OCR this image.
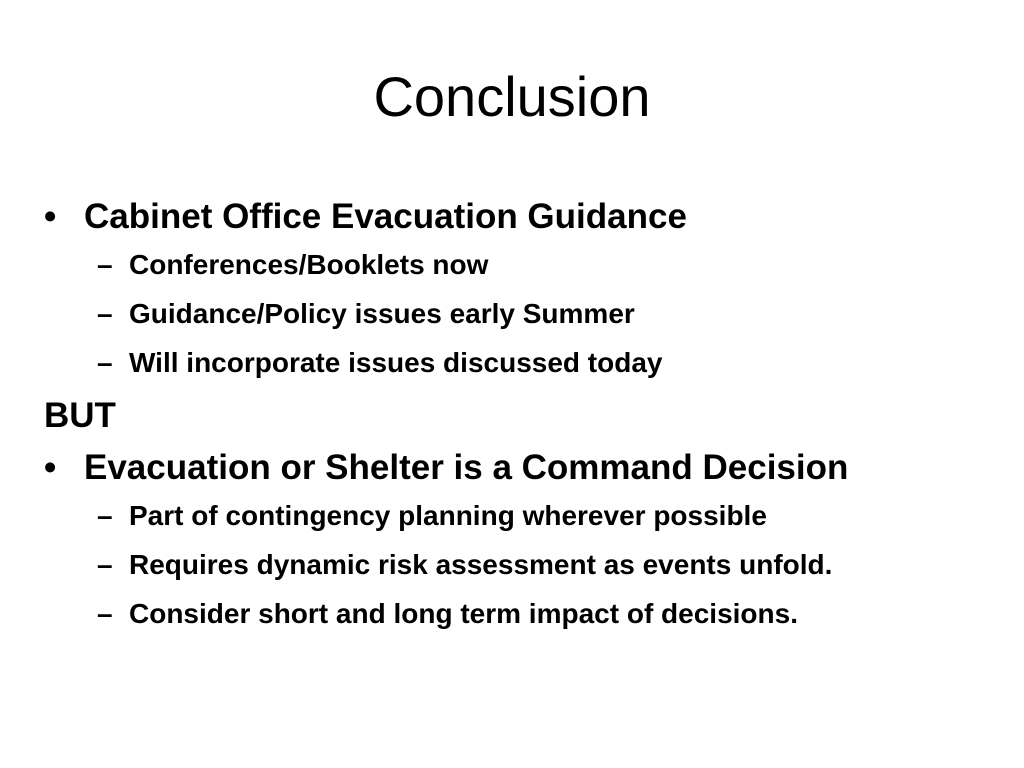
Conclusion
• Cabinet Office Evacuation Guidance
– Conferences/Booklets now
– Guidance/Policy issues early Summer
– Will incorporate issues discussed today
BUT
• Evacuation or Shelter is a Command Decision
– Part of contingency planning wherever possible
– Requires dynamic risk assessment as events unfold.
– Consider short and long term impact of decisions.
